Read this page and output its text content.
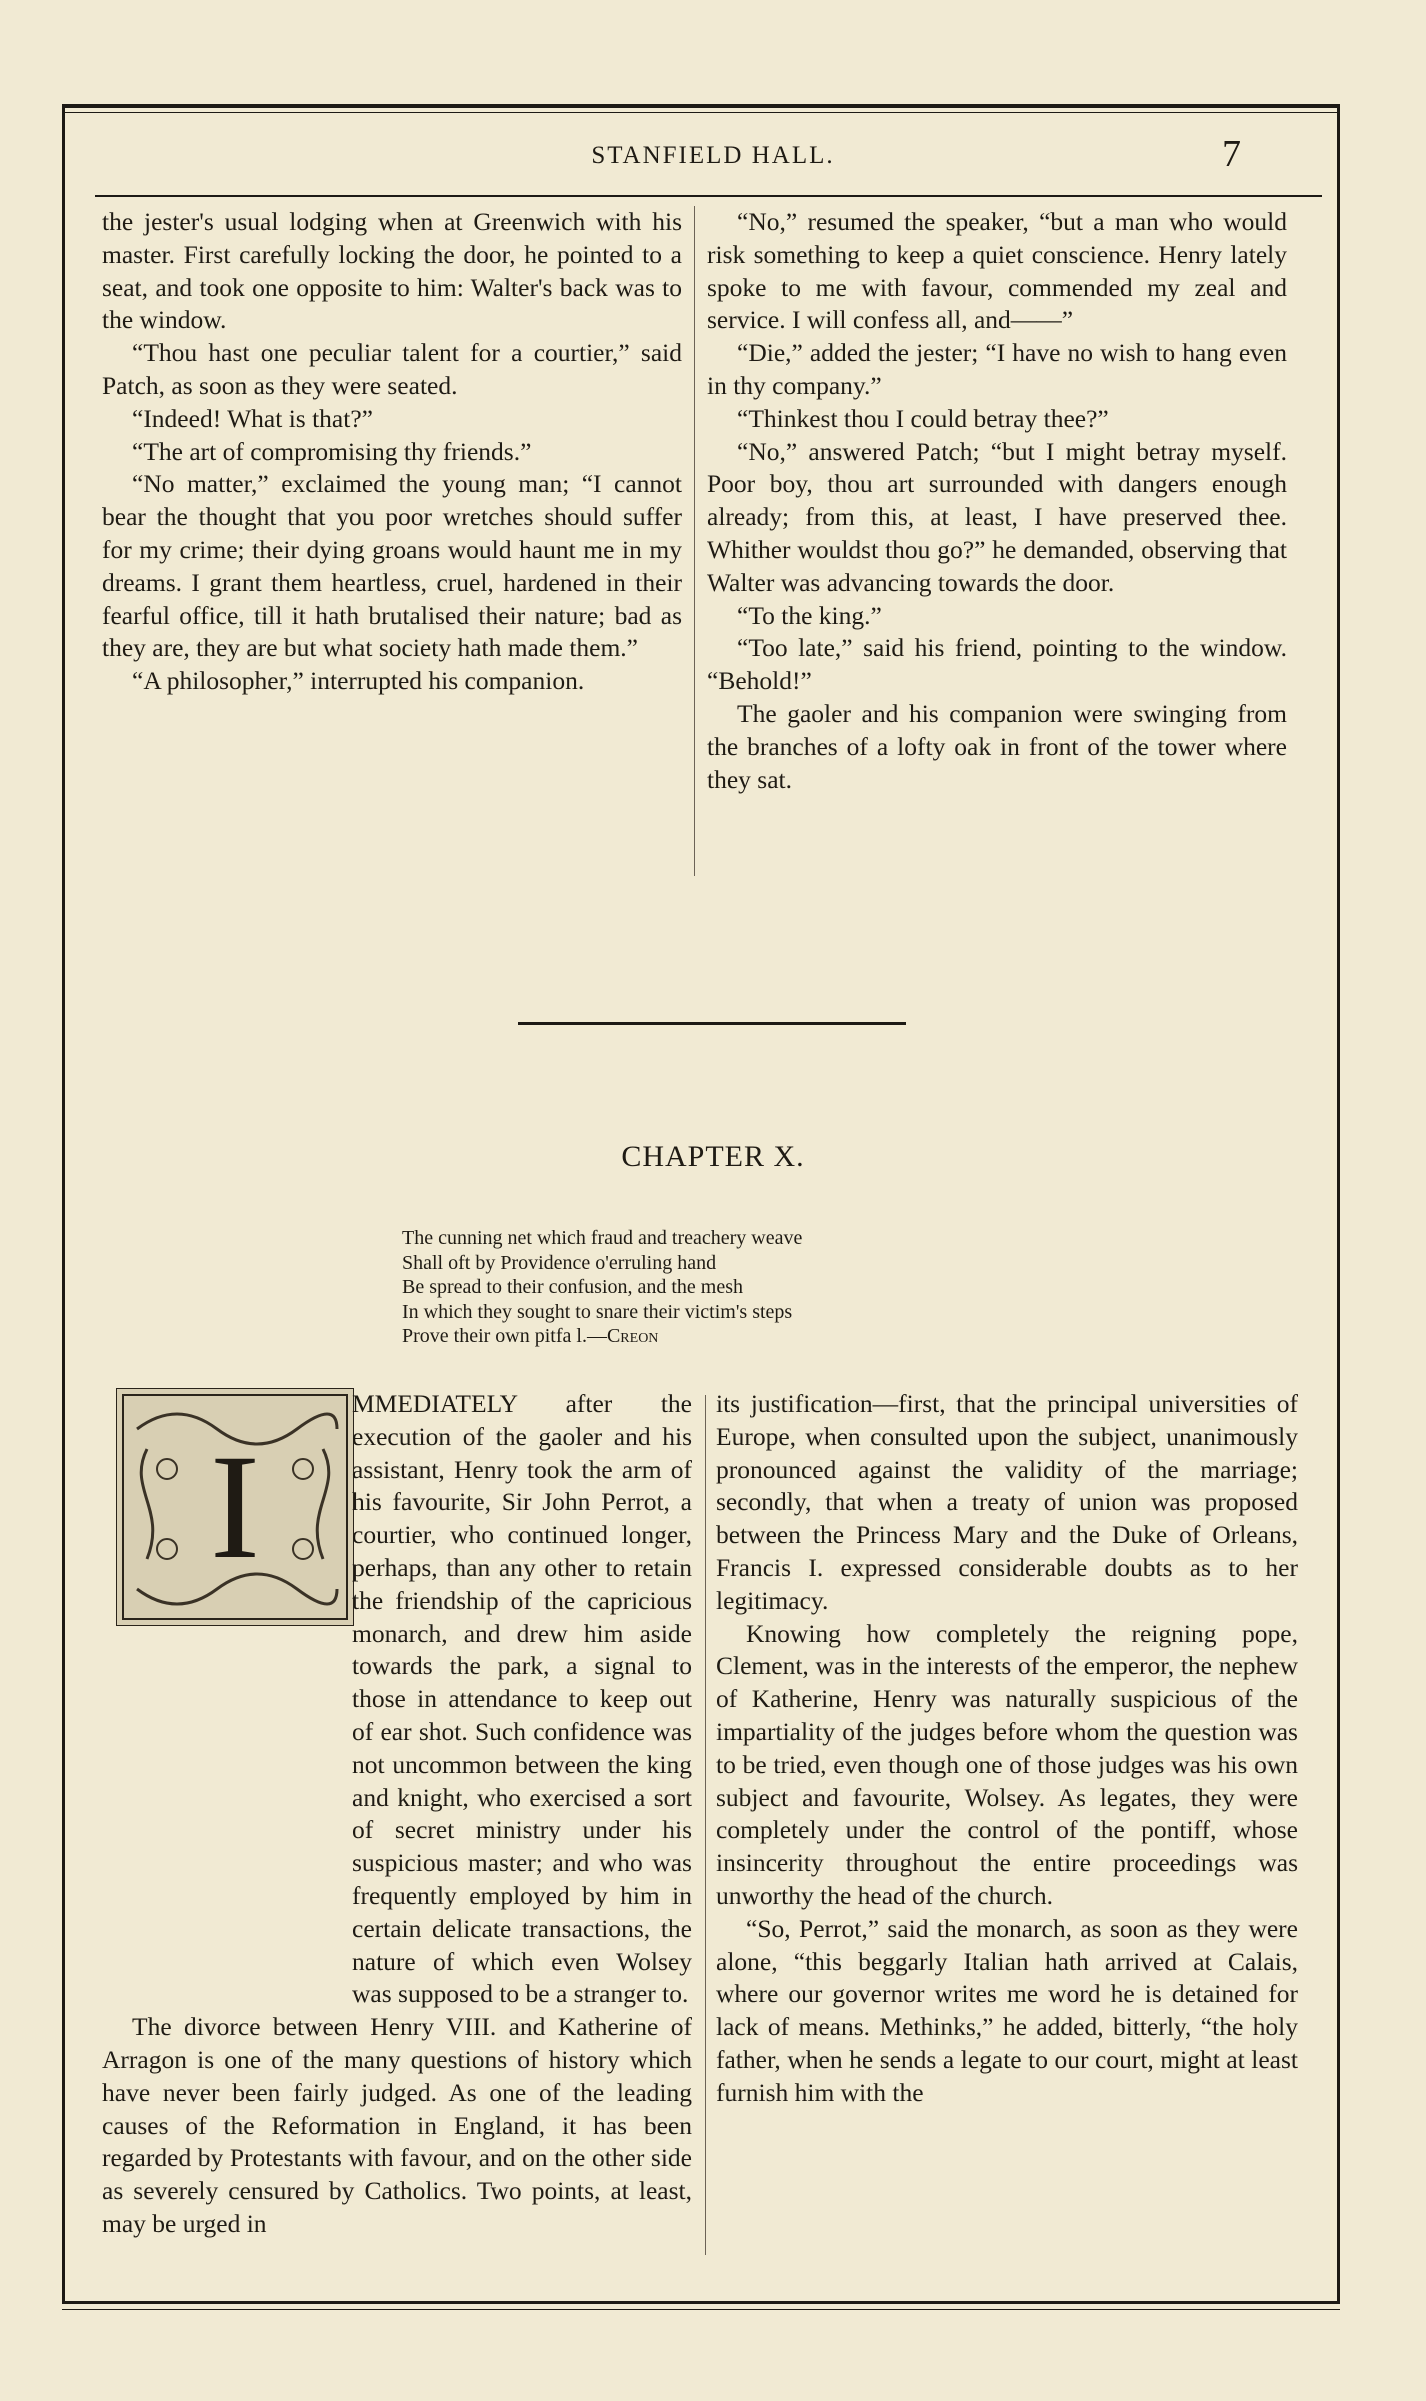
STANFIELD HALL.	7

the jester's usual lodging when at Greenwich with his master. First carefully locking the door, he pointed to a seat, and took one opposite to him: Walter's back was to the window.

“Thou hast one peculiar talent for a courtier,” said Patch, as soon as they were seated.

“Indeed! What is that?”

“The art of compromising thy friends.”

“No matter,” exclaimed the young man; “I cannot bear the thought that you poor wretches should suffer for my crime; their dying groans would haunt me in my dreams. I grant them heartless, cruel, hardened in their fearful office, till it hath brutalised their nature; bad as they are, they are but what society hath made them.”

“A philosopher,” interrupted his companion.

“No,” resumed the speaker, “but a man who would risk something to keep a quiet conscience. Henry lately spoke to me with favour, commended my zeal and service. I will confess all, and——”

“Die,” added the jester; “I have no wish to hang even in thy company.”

“Thinkest thou I could betray thee?”

“No,” answered Patch; “but I might betray myself. Poor boy, thou art surrounded with dangers enough already; from this, at least, I have preserved thee. Whither wouldst thou go?” he demanded, observing that Walter was advancing towards the door.

“To the king.”

“Too late,” said his friend, pointing to the window. “Behold!”

The gaoler and his companion were swinging from the branches of a lofty oak in front of the tower where they sat.

CHAPTER X.
The cunning net which fraud and treachery weave
Shall oft by Providence o'erruling hand
Be spread to their confusion, and the mesh
In which they sought to snare their victim's steps
Prove their own pitfa l.—Creon
I

MMEDIATELY after the execution of the gaoler and his assistant, Henry took the arm of his favourite, Sir John Perrot, a courtier, who continued longer, perhaps, than any other to retain the friendship of the capricious monarch, and drew him aside towards the park, a signal to those in attendance to keep out of ear shot. Such confidence was not uncommon between the king and knight, who exercised a sort of secret ministry under his suspicious master; and who was frequently employed by him in certain delicate transactions, the nature of which even Wolsey was supposed to be a stranger to.

The divorce between Henry VIII. and Katherine of Arragon is one of the many questions of history which have never been fairly judged. As one of the leading causes of the Reformation in England, it has been regarded by Protestants with favour, and on the other side as severely censured by Catholics. Two points, at least, may be urged in

its justification—first, that the principal universities of Europe, when consulted upon the subject, unanimously pronounced against the validity of the marriage; secondly, that when a treaty of union was proposed between the Princess Mary and the Duke of Orleans, Francis I. expressed considerable doubts as to her legitimacy.

Knowing how completely the reigning pope, Clement, was in the interests of the emperor, the nephew of Katherine, Henry was naturally suspicious of the impartiality of the judges before whom the question was to be tried, even though one of those judges was his own subject and favourite, Wolsey. As legates, they were completely under the control of the pontiff, whose insincerity throughout the entire proceedings was unworthy the head of the church.

“So, Perrot,” said the monarch, as soon as they were alone, “this beggarly Italian hath arrived at Calais, where our governor writes me word he is detained for lack of means. Methinks,” he added, bitterly, “the holy father, when he sends a legate to our court, might at least furnish him with the
